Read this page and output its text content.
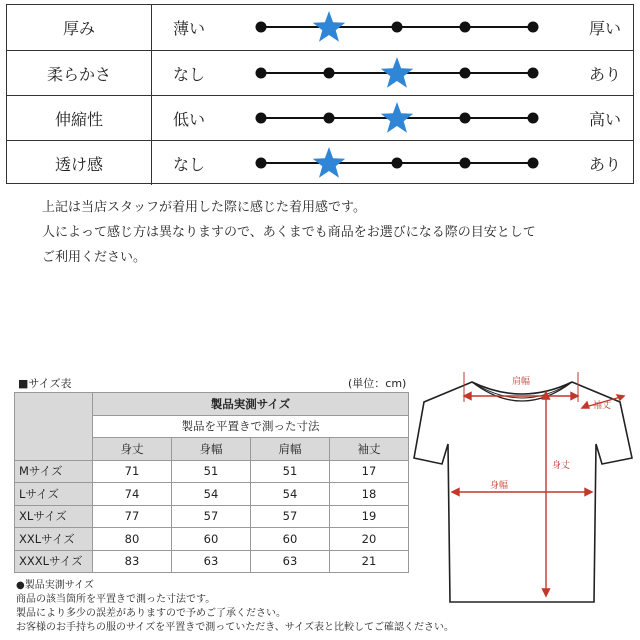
厚み	薄い	厚い
柔らかさ	なし	あり
伸縮性	低い	高い
透け感	なし	あり
上記は当店スタッフが着用した際に感じた着用感です。
人によって感じ方は異なりますので、あくまでも商品をお選びになる際の目安として
ご利用ください。
■サイズ表	(単位：cm)
	製品実測サイズ			
	製品を平置きで測った寸法			
	身丈	身幅	肩幅	袖丈
Mサイズ	71	51	51	17
Lサイズ	74	54	54	18
XLサイズ	77	57	57	19
XXLサイズ	80	60	60	20
XXXLサイズ	83	63	63	21
●製品実測サイズ
商品の該当箇所を平置きで測った寸法です。
製品により多少の誤差がありますので予めご了承ください。
お客様のお手持ちの服のサイズを平置きで測っていただき、サイズ表と比較してご確認ください。
肩幅
袖丈
身丈
身幅
